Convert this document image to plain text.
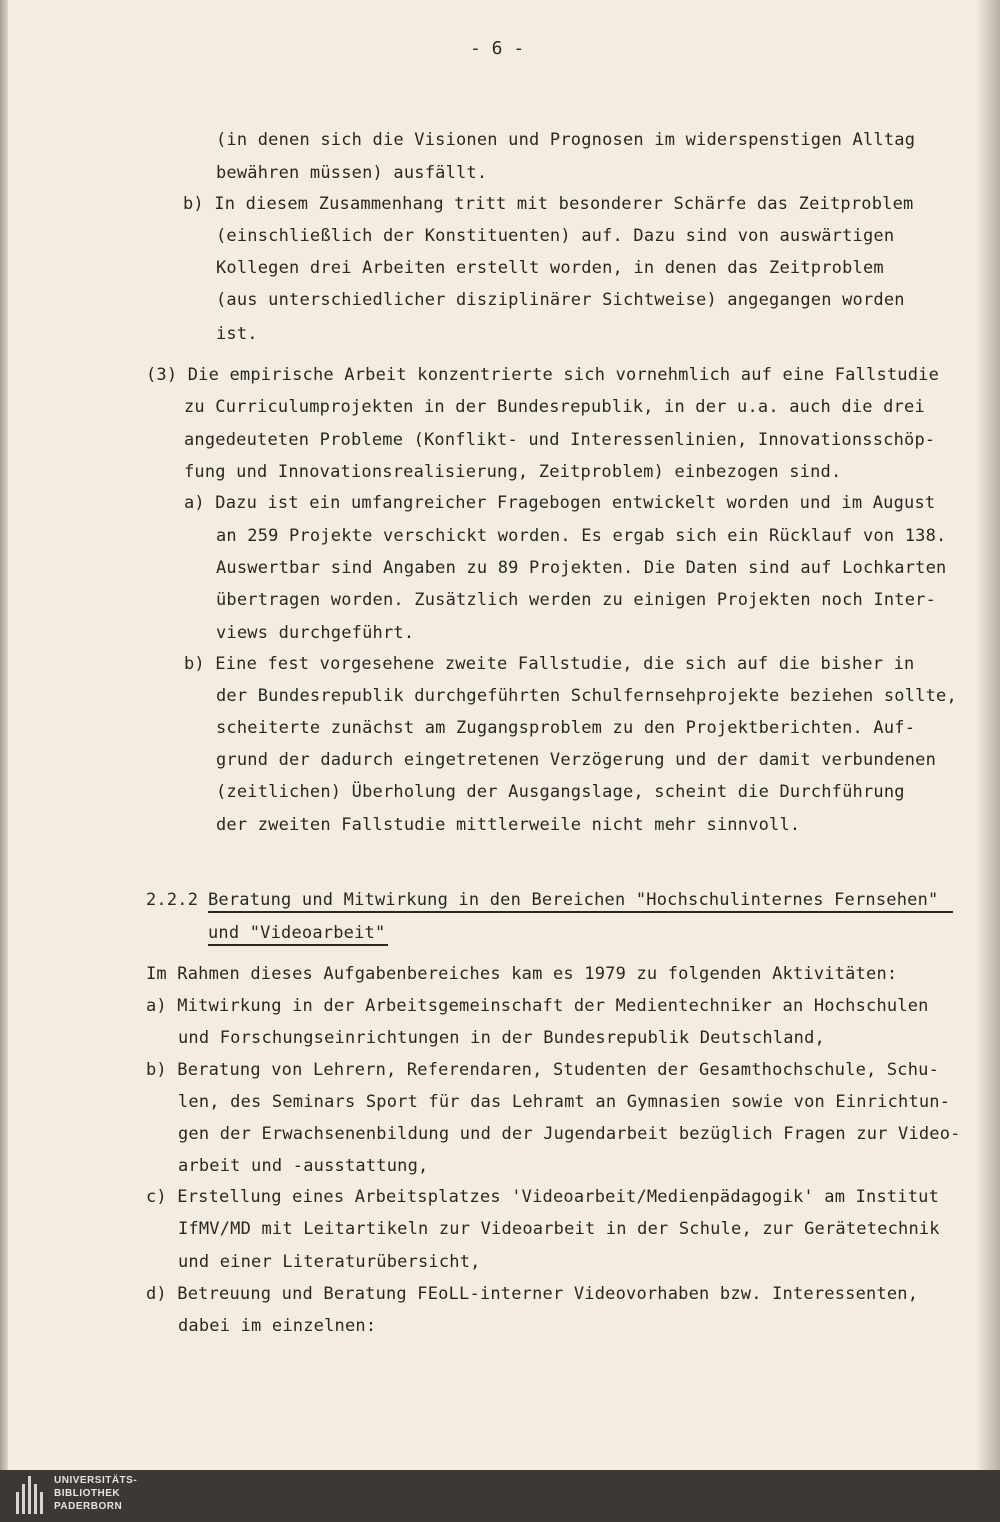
- 6 -
(in denen sich die Visionen und Prognosen im widerspenstigen Alltag
bewähren müssen) ausfällt.
b) In diesem Zusammenhang tritt mit besonderer Schärfe das Zeitproblem
(einschließlich der Konstituenten) auf. Dazu sind von auswärtigen
Kollegen drei Arbeiten erstellt worden, in denen das Zeitproblem
(aus unterschiedlicher disziplinärer Sichtweise) angegangen worden
ist.
(3) Die empirische Arbeit konzentrierte sich vornehmlich auf eine Fallstudie
zu Curriculumprojekten in der Bundesrepublik, in der u.a. auch die drei
angedeuteten Probleme (Konflikt- und Interessenlinien, Innovationsschöp-
fung und Innovationsrealisierung, Zeitproblem) einbezogen sind.
a) Dazu ist ein umfangreicher Fragebogen entwickelt worden und im August
an 259 Projekte verschickt worden. Es ergab sich ein Rücklauf von 138.
Auswertbar sind Angaben zu 89 Projekten. Die Daten sind auf Lochkarten
übertragen worden. Zusätzlich werden zu einigen Projekten noch Inter-
views durchgeführt.
b) Eine fest vorgesehene zweite Fallstudie, die sich auf die bisher in
der Bundesrepublik durchgeführten Schulfernsehprojekte beziehen sollte,
scheiterte zunächst am Zugangsproblem zu den Projektberichten. Auf-
grund der dadurch eingetretenen Verzögerung und der damit verbundenen
(zeitlichen) Überholung der Ausgangslage, scheint die Durchführung
der zweiten Fallstudie mittlerweile nicht mehr sinnvoll.
2.2.2 Beratung und Mitwirkung in den Bereichen "Hochschulinternes Fernsehen"
und "Videoarbeit"
Im Rahmen dieses Aufgabenbereiches kam es 1979 zu folgenden Aktivitäten:
a) Mitwirkung in der Arbeitsgemeinschaft der Medientechniker an Hochschulen
und Forschungseinrichtungen in der Bundesrepublik Deutschland,
b) Beratung von Lehrern, Referendaren, Studenten der Gesamthochschule, Schu-
len, des Seminars Sport für das Lehramt an Gymnasien sowie von Einrichtun-
gen der Erwachsenenbildung und der Jugendarbeit bezüglich Fragen zur Video-
arbeit und -ausstattung,
c) Erstellung eines Arbeitsplatzes 'Videoarbeit/Medienpädagogik' am Institut
IfMV/MD mit Leitartikeln zur Videoarbeit in der Schule, zur Gerätetechnik
und einer Literaturübersicht,
d) Betreuung und Beratung FEoLL-interner Videovorhaben bzw. Interessenten,
dabei im einzelnen:
UNIVERSITÄTS-
BIBLIOTHEK
PADERBORN
